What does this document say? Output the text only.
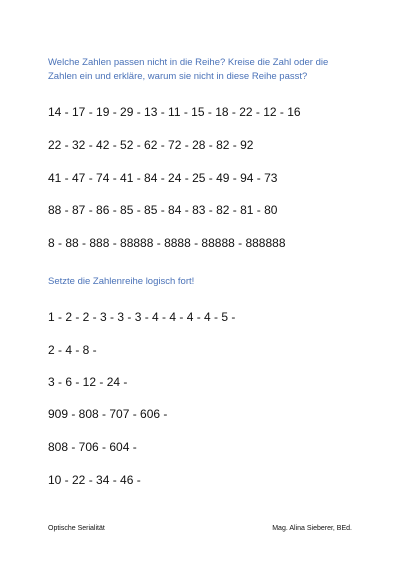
Welche Zahlen passen nicht in die Reihe? Kreise die Zahl oder die Zahlen ein und erkläre, warum sie nicht in diese Reihe passt?

14 - 17 - 19 - 29 - 13 - 11 - 15 - 18 - 22 - 12 - 16

22 - 32 - 42 - 52 - 62 - 72 - 28 - 82 - 92

41 - 47 - 74 - 41 - 84 - 24 - 25 - 49 - 94 - 73

88 - 87 - 86 - 85 - 85 - 84 - 83 - 82 - 81 - 80

8 - 88 - 888 - 88888 - 8888 - 88888 - 888888

Setzte die Zahlenreihe logisch fort!

1 - 2 - 2 - 3 - 3 - 3 - 4 - 4 - 4 - 4 - 5 -

2 - 4 - 8 -

3 - 6 - 12 - 24 -

909 - 808 - 707 - 606 -

808 - 706 - 604 -

10 - 22 - 34 - 46 -

Optische Serialität	Mag. Alina Sieberer, BEd.
